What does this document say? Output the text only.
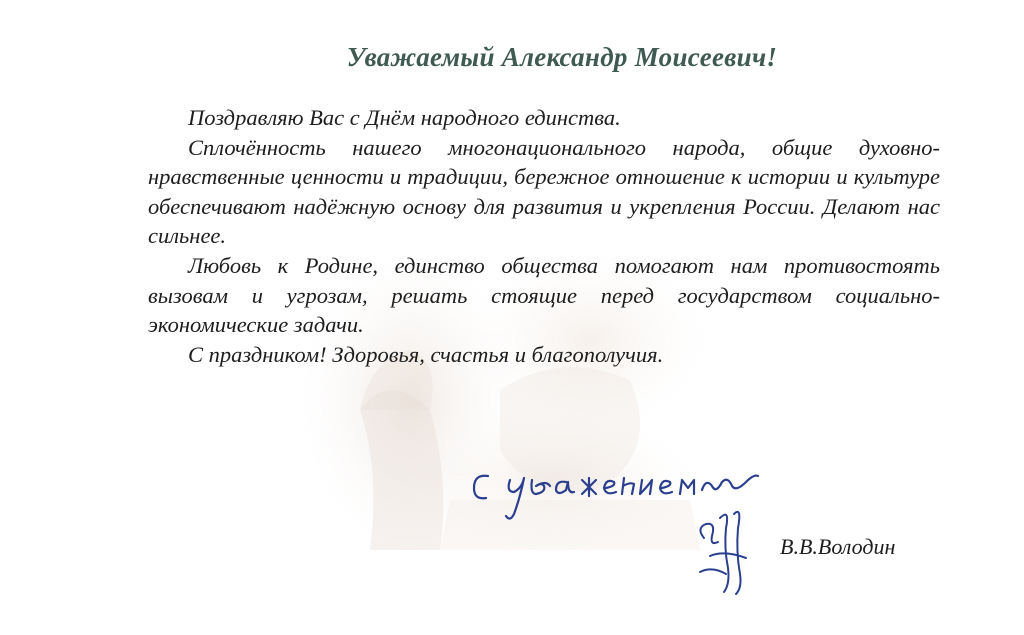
Уважаемый Александр Моисеевич!

Поздравляю Вас с Днём народного единства.

Сплочённость нашего многонационального народа, общие духовно-нравственные ценности и традиции, бережное отношение к истории и культуре обеспечивают надёжную основу для развития и укрепления России. Делают нас сильнее.

Любовь к Родине, единство общества помогают нам противостоять вызовам и угрозам, решать стоящие перед государством социально-экономические задачи.

С праздником! Здоровья, счастья и благополучия.

В.В.Володин
